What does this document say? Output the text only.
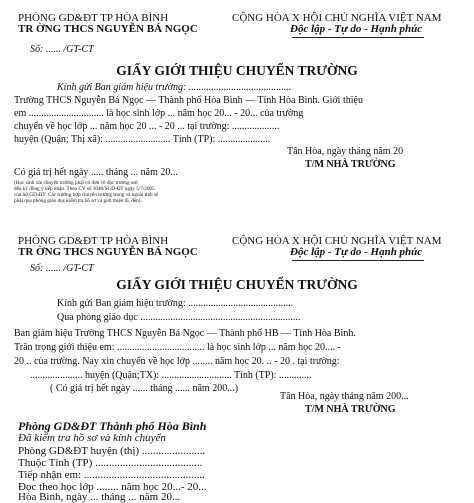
PHÒNG GD&ĐT TP HÒA BÌNH
TR ỜNG THCS NGUYỄN BÁ NGỌC
CỘNG HÒA X HỘI CHỦ NGHĨA VIỆT NAM
Độc lập - Tự do - Hạnh phúc
Số: ...... /GT-CT
GIẤY GIỚI THIỆU CHUYỂN TRƯỜNG
Kính gửi Ban giám hiệu trường: .........................................
Trường THCS Nguyễn Bá Ngọc — Thành phố Hòa Bình — Tỉnh Hòa Bình. Giới thiệu
em .............................. là học sinh lớp ... năm học 20... - 20... của trường
chuyển về học lớp ... năm học 20 ... - 20 ... tại trường: ...................
huyện (Quận; Thị xã): .......................... Tỉnh (TP): .....................
Tân Hòa, ngày tháng năm 20
T/M NHÀ TRƯỜNG
Có giá trị hết ngày ..... tháng ... năm 20...
(Học sinh xin chuyển trường phải có đơn về đọc trường nơi
đến ký đồng ý tiếp nhận. Theo CV số 1040/SGD-ĐT ngày 5/7/2005
của Sở GD-ĐT: Các trường hợp chuyển trường trong và ngoài tỉnh sẽ
phải qua phòng giáo dục kiểm tra hồ sơ và giới thiệu đi, đến).
PHÒNG GD&ĐT TP HÒA BÌNH
TR ỜNG THCS NGUYỄN BÁ NGỌC
CỘNG HÒA X HỘI CHỦ NGHĨA VIỆT NAM
Độc lập - Tự do - Hạnh phúc
Số: ...... /GT-CT
GIẤY GIỚI THIỆU CHUYỂN TRƯỜNG
Kính gửi Ban giám hiệu trường: ..........................................
Qua phòng giáo dục ................................................................
Ban giám hiệu Trường THCS Nguyễn Bá Ngọc — Thành phố HB — Tỉnh Hòa Bình.
Trân trọng giới thiệu em: ................................... là học sinh lớp ... năm học 20.... -
20 .. của trường. Nay xin chuyển về học lớp ........ năm học 20. .. - 20 . tại trường:
..................... huyện (Quận;TX): ............................ Tỉnh (TP): .............
( Có giá trị hết ngày ...... tháng ...... năm 200...)
Tân Hòa, ngày tháng năm 200...
T/M NHÀ TRƯỜNG
Phòng GD&ĐT Thành phố Hòa Bình
Đã kiểm tra hồ sơ và kính chuyển
Phòng GD&ĐT huyện (thị) .......................
Thuộc Tỉnh (TP) .......................................
Tiếp nhận em: ............................................
Đọc theo học lớp ........ năm học 20...- 20...
Hòa Bình, ngày ... tháng ... năm 20...
